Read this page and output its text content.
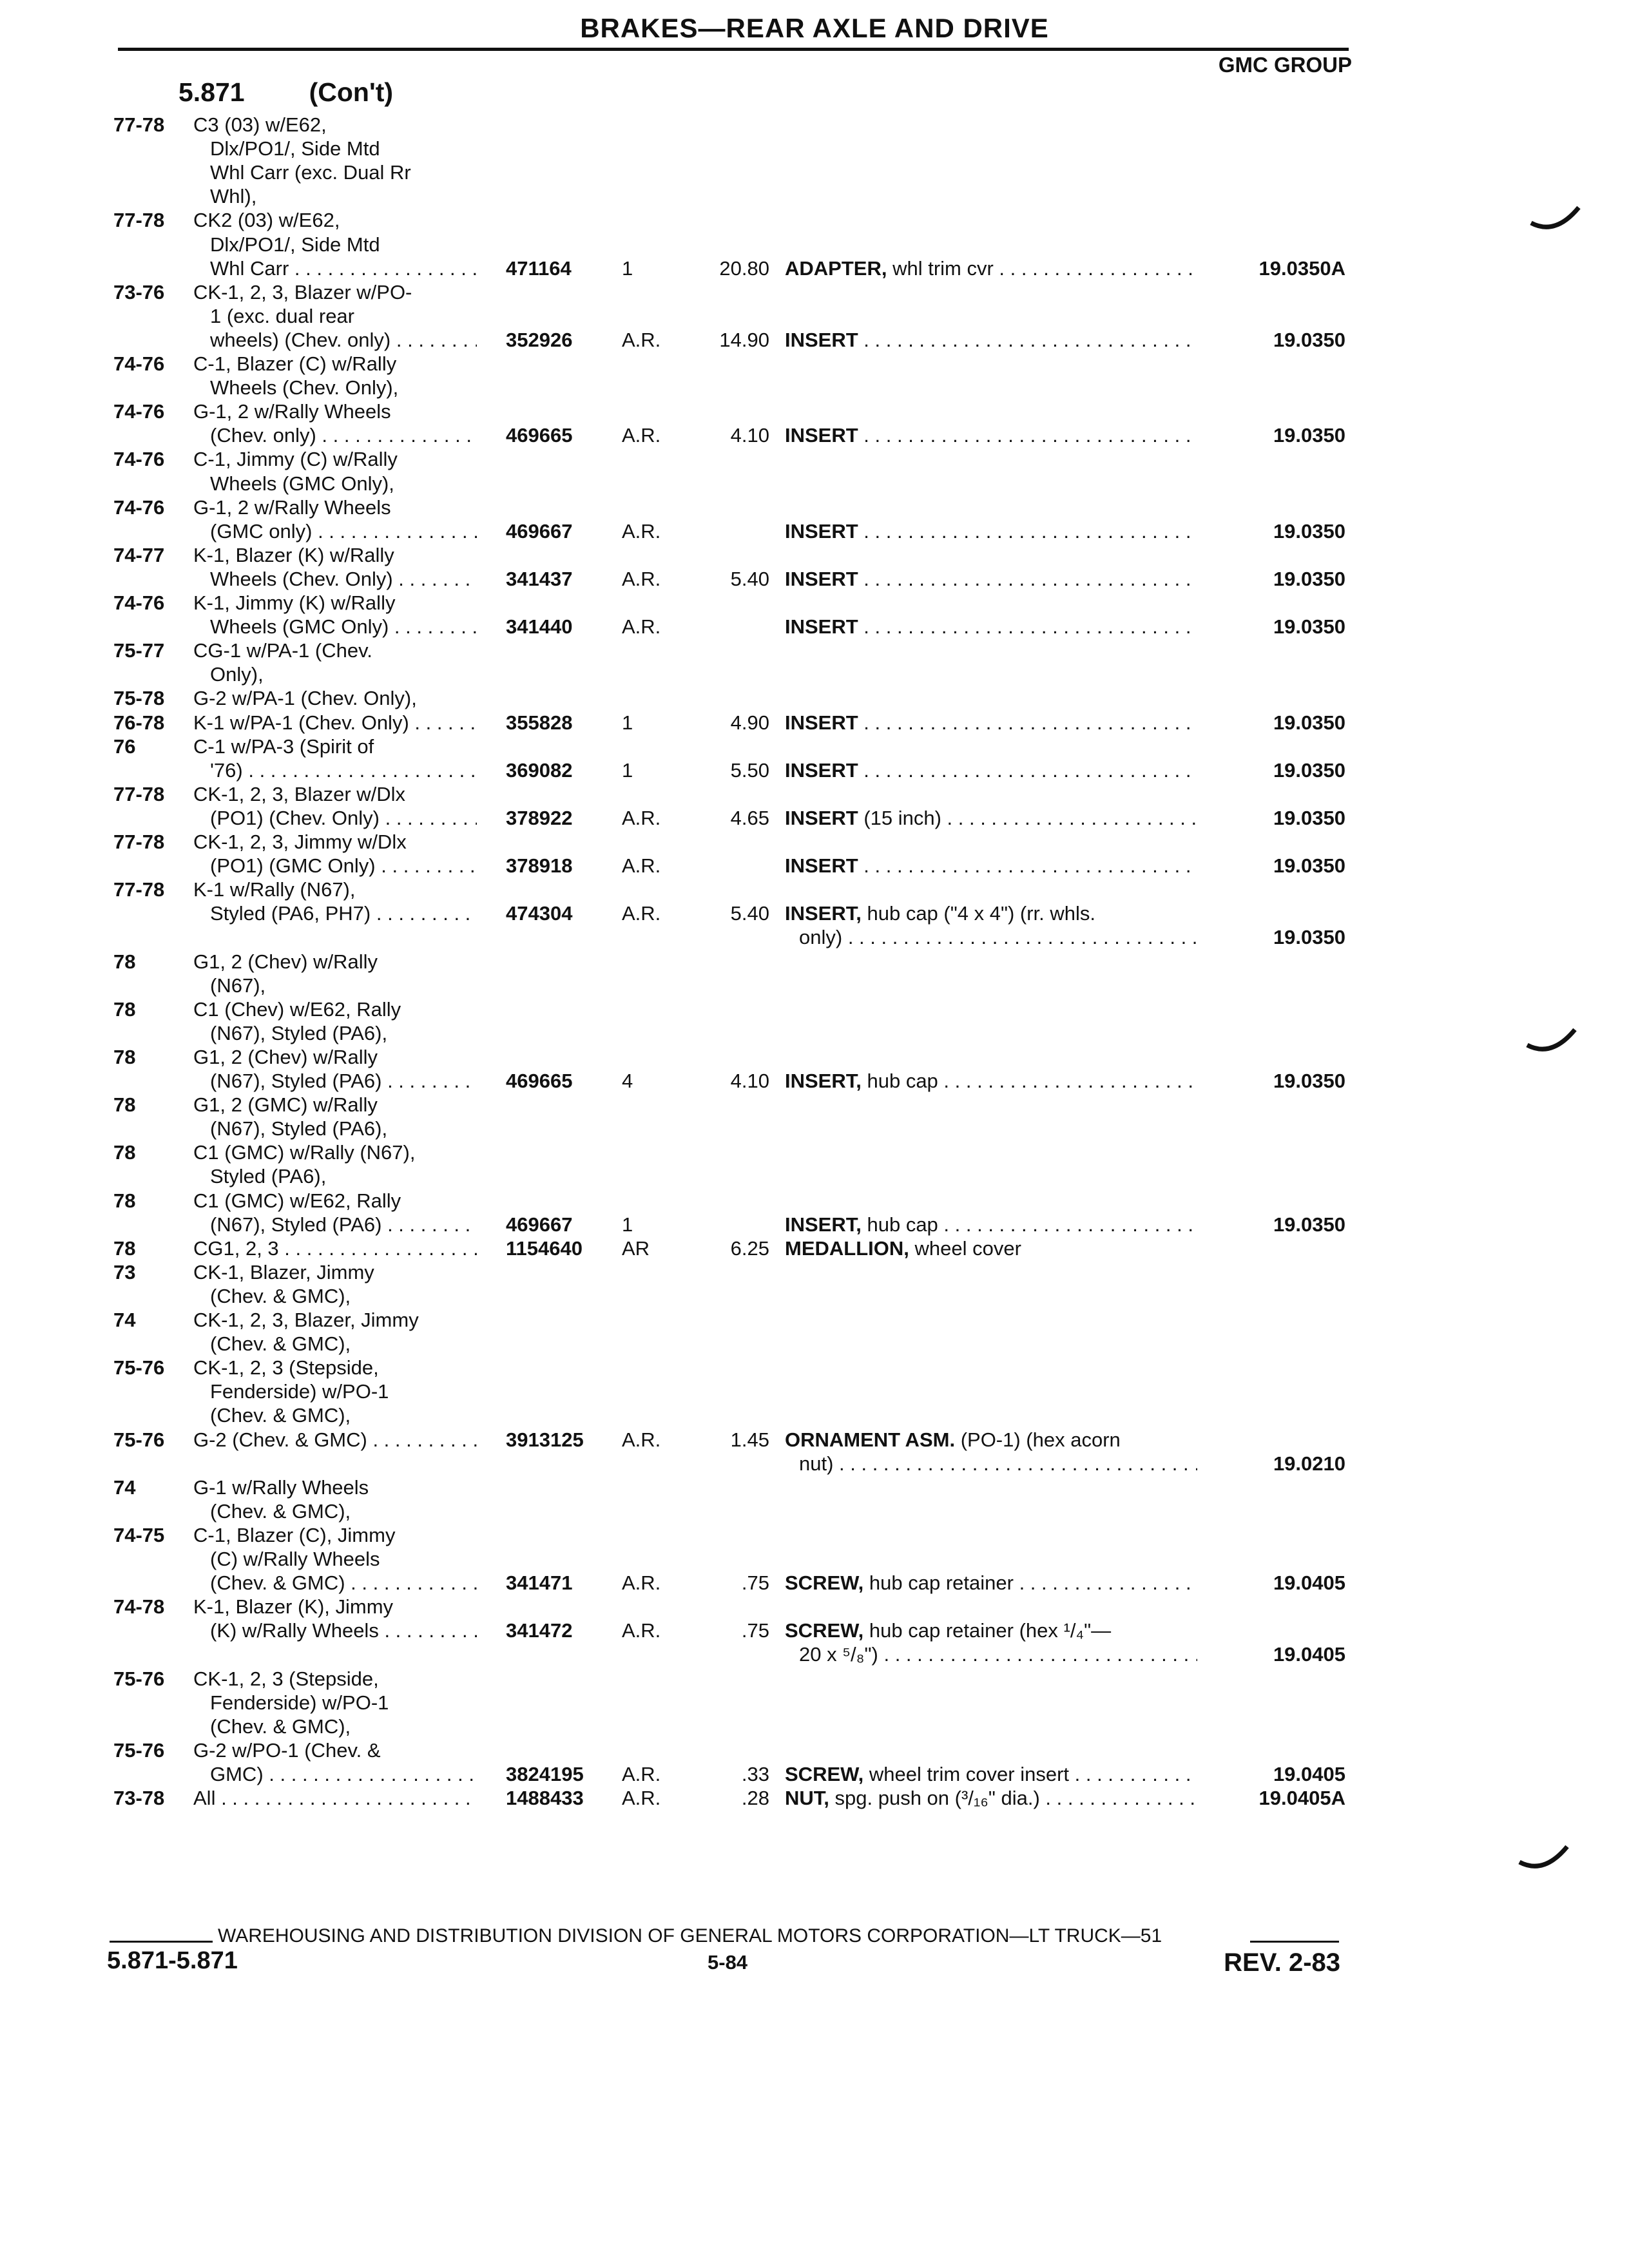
BRAKES—REAR AXLE AND DRIVE
GMC GROUP
5.871 (Con't)
77-78	C3 (03) w/E62,
Dlx/PO1/, Side Mtd
Whl Carr (exc. Dual Rr
Whl),
77-78	CK2 (03) w/E62,
Dlx/PO1/, Side Mtd
Whl Carr . . .	471164	1	20.80 ADAPTER, whl trim cvr . . .	19.0350A
73-76	CK-1, 2, 3, Blazer w/PO-
1 (exc. dual rear
wheels) (Chev. only) . . .	352926 A.R.	14.90 INSERT . . .	19.0350
74-76	C-1, Blazer (C) w/Rally
Wheels (Chev. Only),
74-76	G-1, 2 w/Rally Wheels
(Chev. only) . . .	469665 A.R.	4.10 INSERT . . .	19.0350
74-76	C-1, Jimmy (C) w/Rally
Wheels (GMC Only),
74-76	G-1, 2 w/Rally Wheels
(GMC only) . . .	469667 A.R.	INSERT . . .	19.0350
74-77	K-1, Blazer (K) w/Rally
Wheels (Chev. Only) . . .	341437 A.R.	5.40 INSERT . . .	19.0350
74-76	K-1, Jimmy (K) w/Rally
Wheels (GMC Only) . . .	341440 A.R.	INSERT . . .	19.0350
75-77	CG-1 w/PA-1 (Chev.
Only),
75-78	G-2 w/PA-1 (Chev. Only),
76-78	K-1 w/PA-1 (Chev. Only) . . .	355828 1	4.90 INSERT . . .	19.0350
76	C-1 w/PA-3 (Spirit of
'76) . . .	369082 1	5.50 INSERT . . .	19.0350
77-78	CK-1, 2, 3, Blazer w/Dlx
(PO1) (Chev. Only) . . .	378922 A.R.	4.65 INSERT (15 inch) . . .	19.0350
77-78	CK-1, 2, 3, Jimmy w/Dlx
(PO1) (GMC Only) . . .	378918 A.R.	INSERT . . .	19.0350
77-78	K-1 w/Rally (N67),
Styled (PA6, PH7) . . .	474304 A.R.	5.40 INSERT, hub cap ("4 x 4") (rr. whls.
only) . . .	19.0350
78	G1, 2 (Chev) w/Rally
(N67),
78	C1 (Chev) w/E62, Rally
(N67), Styled (PA6),
78	G1, 2 (Chev) w/Rally
(N67), Styled (PA6) . . .	469665 4	4.10 INSERT, hub cap . . .	19.0350
78	G1, 2 (GMC) w/Rally
(N67), Styled (PA6),
78	C1 (GMC) w/Rally (N67),
Styled (PA6),
78	C1 (GMC) w/E62, Rally
(N67), Styled (PA6) . . .	469667 1	INSERT, hub cap . . .	19.0350
78	CG1, 2, 3 . . .	1154640 AR	6.25 MEDALLION, wheel cover
73	CK-1, Blazer, Jimmy
(Chev. & GMC),
74	CK-1, 2, 3, Blazer, Jimmy
(Chev. & GMC),
75-76	CK-1, 2, 3 (Stepside,
Fenderside) w/PO-1
(Chev. & GMC),
75-76	G-2 (Chev. & GMC) . . .	3913125 A.R.	1.45 ORNAMENT ASM. (PO-1) (hex acorn
nut) . . .	19.0210
74	G-1 w/Rally Wheels
(Chev. & GMC),
74-75	C-1, Blazer (C), Jimmy
(C) w/Rally Wheels
(Chev. & GMC) . . .	341471 A.R.	.75 SCREW, hub cap retainer . . .	19.0405
74-78	K-1, Blazer (K), Jimmy
(K) w/Rally Wheels . . .	341472 A.R.	.75 SCREW, hub cap retainer (hex ¹/₄"—
20 x ⁵/₈") . . .	19.0405
75-76	CK-1, 2, 3 (Stepside,
Fenderside) w/PO-1
(Chev. & GMC),
75-76	G-2 w/PO-1 (Chev. &
GMC) . . .	3824195 A.R.	.33 SCREW, wheel trim cover insert . . .	19.0405
73-78	All . . .	1488433 A.R.	.28 NUT, spg. push on (³/₁₆" dia.) . . .	19.0405A
WAREHOUSING AND DISTRIBUTION DIVISION OF GENERAL MOTORS CORPORATION—LT TRUCK—51
5.871-5.871	5-84	REV. 2-83
